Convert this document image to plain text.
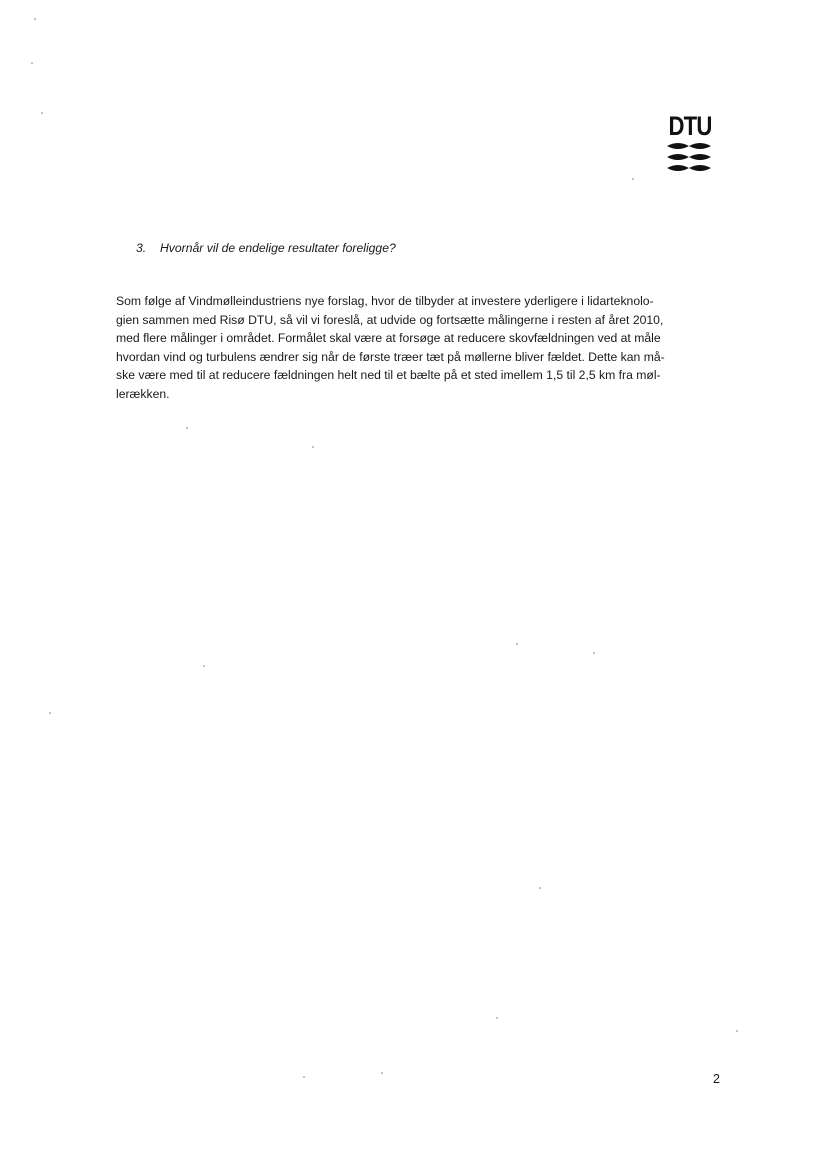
DTU
3. Hvornår vil de endelige resultater foreligge?
Som følge af Vindmølleindustriens nye forslag, hvor de tilbyder at investere yderligere i lidarteknolo-
gien sammen med Risø DTU, så vil vi foreslå, at udvide og fortsætte målingerne i resten af året 2010,
med flere målinger i området. Formålet skal være at forsøge at reducere skovfældningen ved at måle
hvordan vind og turbulens ændrer sig når de første træer tæt på møllerne bliver fældet. Dette kan må-
ske være med til at reducere fældningen helt ned til et bælte på et sted imellem 1,5 til 2,5 km fra møl-
lerækken.
2
